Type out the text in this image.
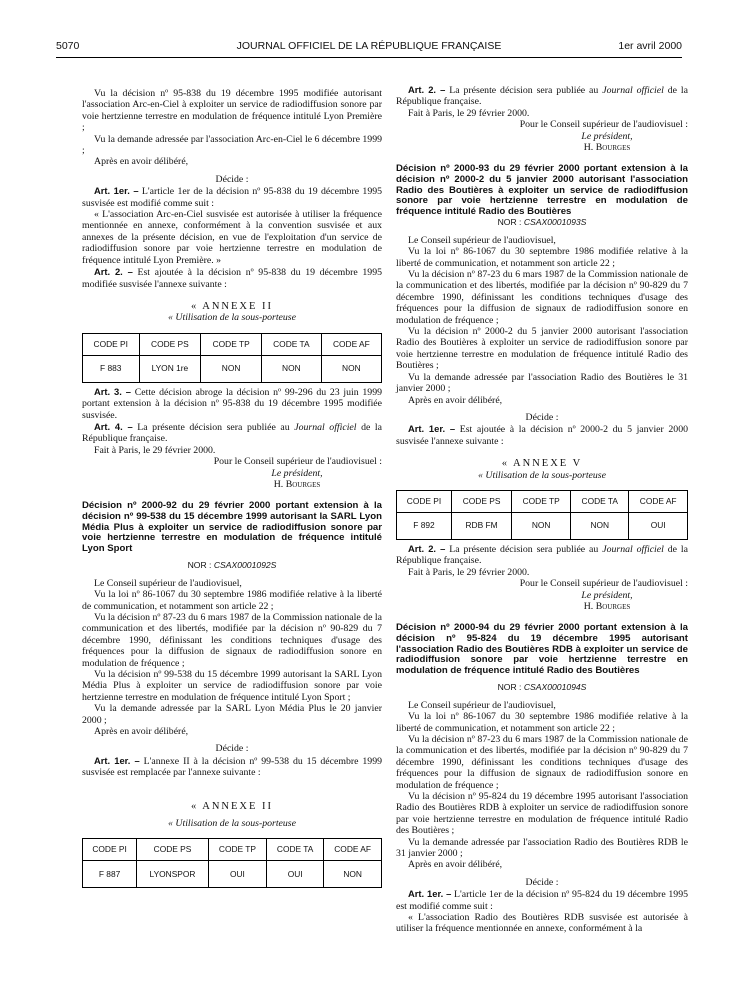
5070	JOURNAL OFFICIEL DE LA RÉPUBLIQUE FRANÇAISE	1er avril 2000

Vu la décision nº 95-838 du 19 décembre 1995 modifiée autorisant l'association Arc-en-Ciel à exploiter un service de radiodiffusion sonore par voie hertzienne terrestre en modulation de fréquence intitulé Lyon Première ;

Vu la demande adressée par l'association Arc-en-Ciel le 6 décembre 1999 ;

Après en avoir délibéré,

Décide :

Art. 1er. – L'article 1er de la décision nº 95-838 du 19 décembre 1995 susvisée est modifié comme suit :

« L'association Arc-en-Ciel susvisée est autorisée à utiliser la fréquence mentionnée en annexe, conformément à la convention susvisée et aux annexes de la présente décision, en vue de l'exploitation d'un service de radiodiffusion sonore par voie hertzienne terrestre en modulation de fréquence intitulé Lyon Première. »

Art. 2. – Est ajoutée à la décision nº 95-838 du 19 décembre 1995 modifiée susvisée l'annexe suivante :

« ANNEXE II

« Utilisation de la sous-porteuse

CODE PI	CODE PS	CODE TP	CODE TA	CODE AF
F 883	LYON 1re	NON	NON	NON

Art. 3. – Cette décision abroge la décision nº 99-296 du 23 juin 1999 portant extension à la décision nº 95-838 du 19 décembre 1995 modifiée susvisée.

Art. 4. – La présente décision sera publiée au Journal officiel de la République française.

Fait à Paris, le 29 février 2000.

Pour le Conseil supérieur de l'audiovisuel :

Le président,

H. Bourges

Décision nº 2000-92 du 29 février 2000 portant extension à la décision nº 99-538 du 15 décembre 1999 autorisant la SARL Lyon Média Plus à exploiter un service de radiodiffusion sonore par voie hertzienne terrestre en modulation de fréquence intitulé Lyon Sport

NOR : CSAX0001092S

Le Conseil supérieur de l'audiovisuel,

Vu la loi nº 86-1067 du 30 septembre 1986 modifiée relative à la liberté de communication, et notamment son article 22 ;

Vu la décision nº 87-23 du 6 mars 1987 de la Commission nationale de la communication et des libertés, modifiée par la décision nº 90-829 du 7 décembre 1990, définissant les conditions techniques d'usage des fréquences pour la diffusion de signaux de radiodiffusion sonore en modulation de fréquence ;

Vu la décision nº 99-538 du 15 décembre 1999 autorisant la SARL Lyon Média Plus à exploiter un service de radiodiffusion sonore par voie hertzienne terrestre en modulation de fréquence intitulé Lyon Sport ;

Vu la demande adressée par la SARL Lyon Média Plus le 20 janvier 2000 ;

Après en avoir délibéré,

Décide :

Art. 1er. – L'annexe II à la décision nº 99-538 du 15 décembre 1999 susvisée est remplacée par l'annexe suivante :

« ANNEXE II

« Utilisation de la sous-porteuse

CODE PI	CODE PS	CODE TP	CODE TA	CODE AF
F 887	LYONSPOR	OUI	OUI	NON

Art. 2. – La présente décision sera publiée au Journal officiel de la République française.

Fait à Paris, le 29 février 2000.

Pour le Conseil supérieur de l'audiovisuel :

Le président,

H. Bourges

Décision nº 2000-93 du 29 février 2000 portant extension à la décision nº 2000-2 du 5 janvier 2000 autorisant l'association Radio des Boutières à exploiter un service de radiodiffusion sonore par voie hertzienne terrestre en modulation de fréquence intitulé Radio des Boutières

NOR : CSAX0001093S

Le Conseil supérieur de l'audiovisuel,

Vu la loi nº 86-1067 du 30 septembre 1986 modifiée relative à la liberté de communication, et notamment son article 22 ;

Vu la décision nº 87-23 du 6 mars 1987 de la Commission nationale de la communication et des libertés, modifiée par la décision nº 90-829 du 7 décembre 1990, définissant les conditions techniques d'usage des fréquences pour la diffusion de signaux de radiodiffusion sonore en modulation de fréquence ;

Vu la décision nº 2000-2 du 5 janvier 2000 autorisant l'association Radio des Boutières à exploiter un service de radiodiffusion sonore par voie hertzienne terrestre en modulation de fréquence intitulé Radio des Boutières ;

Vu la demande adressée par l'association Radio des Boutières le 31 janvier 2000 ;

Après en avoir délibéré,

Décide :

Art. 1er. – Est ajoutée à la décision nº 2000-2 du 5 janvier 2000 susvisée l'annexe suivante :

« ANNEXE V

« Utilisation de la sous-porteuse

CODE PI	CODE PS	CODE TP	CODE TA	CODE AF
F 892	RDB FM	NON	NON	OUI

Art. 2. – La présente décision sera publiée au Journal officiel de la République française.

Fait à Paris, le 29 février 2000.

Pour le Conseil supérieur de l'audiovisuel :

Le président,

H. Bourges

Décision nº 2000-94 du 29 février 2000 portant extension à la décision nº 95-824 du 19 décembre 1995 autorisant l'association Radio des Boutières RDB à exploiter un service de radiodiffusion sonore par voie hertzienne terrestre en modulation de fréquence intitulé Radio des Boutières

NOR : CSAX0001094S

Le Conseil supérieur de l'audiovisuel,

Vu la loi nº 86-1067 du 30 septembre 1986 modifiée relative à la liberté de communication, et notamment son article 22 ;

Vu la décision nº 87-23 du 6 mars 1987 de la Commission nationale de la communication et des libertés, modifiée par la décision nº 90-829 du 7 décembre 1990, définissant les conditions techniques d'usage des fréquences pour la diffusion de signaux de radiodiffusion sonore en modulation de fréquence ;

Vu la décision nº 95-824 du 19 décembre 1995 autorisant l'association Radio des Boutières RDB à exploiter un service de radiodiffusion sonore par voie hertzienne terrestre en modulation de fréquence intitulé Radio des Boutières ;

Vu la demande adressée par l'association Radio des Boutières RDB le 31 janvier 2000 ;

Après en avoir délibéré,

Décide :

Art. 1er. – L'article 1er de la décision nº 95-824 du 19 décembre 1995 est modifié comme suit :

« L'association Radio des Boutières RDB susvisée est autorisée à utiliser la fréquence mentionnée en annexe, conformément à la
